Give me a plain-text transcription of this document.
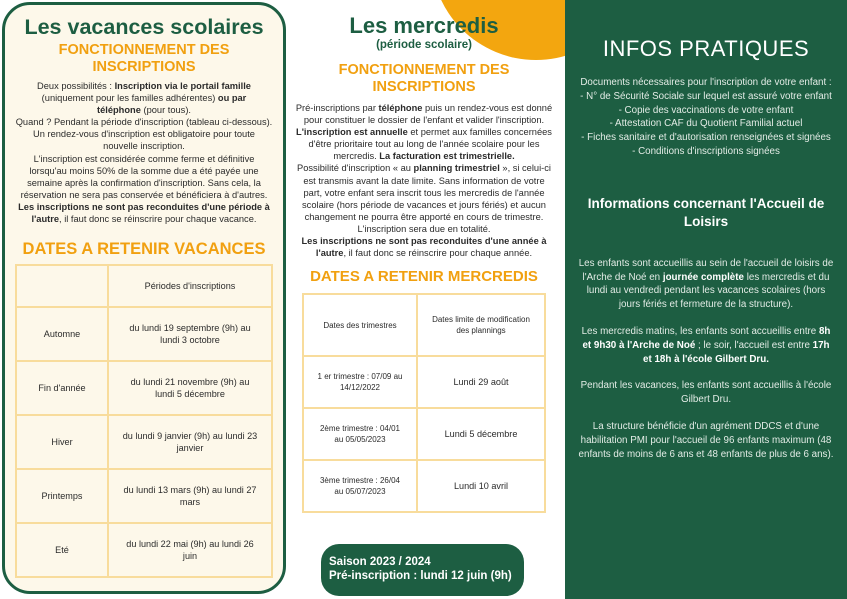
Les vacances scolaires
FONCTIONNEMENT DES
INSCRIPTIONS
Deux possibilités : Inscription via le portail famille
(uniquement pour les familles adhérentes) ou par
téléphone (pour tous).
Quand ? Pendant la période d'inscription (tableau ci-dessous).
Un rendez-vous d'inscription est obligatoire pour toute nouvelle inscription.
L'inscription est considérée comme ferme et définitive lorsqu'au moins 50% de la somme due a été payée une semaine après la confirmation d'inscription. Sans cela, la réservation ne sera pas conservée et bénéficiera à d'autres.
Les inscriptions ne sont pas reconduites d'une période à l'autre, il faut donc se réinscrire pour chaque vacance.
DATES A RETENIR VACANCES
	Périodes d'inscriptions
Automne	du lundi 19 septembre (9h) au lundi 3 octobre
Fin d'année	du lundi 21 novembre (9h) au lundi 5 décembre
Hiver	du lundi 9 janvier (9h) au lundi 23 janvier
Printemps	du lundi 13 mars (9h) au lundi 27 mars
Eté	du lundi 22 mai (9h) au lundi 26 juin
Les mercredis
(période scolaire)
FONCTIONNEMENT DES
INSCRIPTIONS
Pré-inscriptions par téléphone puis un rendez-vous est donné pour constituer le dossier de l'enfant et valider l'inscription.
L'inscription est annuelle et permet aux familles concernées d'être prioritaire tout au long de l'année scolaire pour les mercredis. La facturation est trimestrielle.
Possibilité d'inscription « au planning trimestriel », si celui-ci est transmis avant la date limite. Sans information de votre part, votre enfant sera inscrit tous les mercredis de l'année scolaire (hors période de vacances et jours fériés) et aucun changement ne pourra être apporté en cours de trimestre. L'inscription sera due en totalité.
Les inscriptions ne sont pas reconduites d'une année à l'autre, il faut donc se réinscrire pour chaque année.
DATES A RETENIR MERCREDIS
Dates des trimestres	Dates limite de modification des plannings
1 er trimestre : 07/09 au 14/12/2022	Lundi 29 août
2ème trimestre : 04/01 au 05/05/2023	Lundi 5 décembre
3ème trimestre : 26/04 au 05/07/2023	Lundi 10 avril
Saison 2023 / 2024
Pré-inscription : lundi 12 juin (9h)
INFOS PRATIQUES
Documents nécessaires pour l'inscription de votre enfant :
- N° de Sécurité Sociale sur lequel est assuré votre enfant
- Copie des vaccinations de votre enfant
- Attestation CAF du Quotient Familial actuel
- Fiches sanitaire et d'autorisation renseignées et signées
- Conditions d'inscriptions signées
Informations concernant l'Accueil de Loisirs
Les enfants sont accueillis au sein de l'accueil de loisirs de l'Arche de Noé en journée complète les mercredis et du lundi au vendredi pendant les vacances scolaires (hors jours fériés et fermeture de la structure).
Les mercredis matins, les enfants sont accueillis entre 8h et 9h30 à l'Arche de Noé ; le soir, l'accueil est entre 17h et 18h à l'école Gilbert Dru.
Pendant les vacances, les enfants sont accueillis à l'école Gilbert Dru.
La structure bénéficie d'un agrément DDCS et d'une habilitation PMI pour l'accueil de 96 enfants maximum (48 enfants de moins de 6 ans et 48 enfants de plus de 6 ans).
